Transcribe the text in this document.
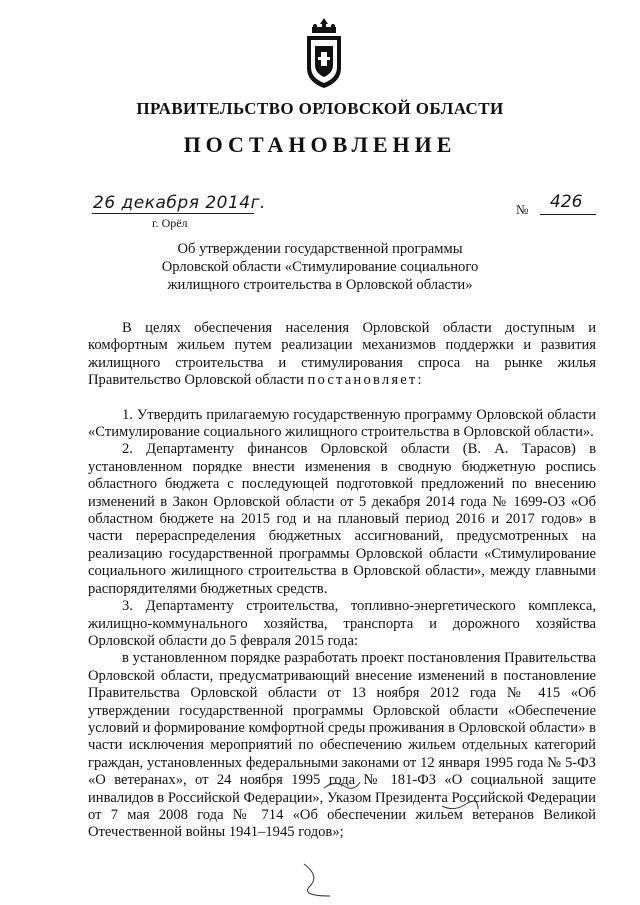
ПРАВИТЕЛЬСТВО ОРЛОВСКОЙ ОБЛАСТИ
ПОСТАНОВЛЕНИЕ
26 декабря 2014г.
г. Орёл
№ 426
Об утверждении государственной программы
Орловской области «Стимулирование социального
жилищного строительства в Орловской области»

В целях обеспечения населения Орловской области доступным и комфортным жильем путем реализации механизмов поддержки и развития жилищного строительства и стимулирования спроса на рынке жилья Правительство Орловской области постановляет:

1. Утвердить прилагаемую государственную программу Орловской области «Стимулирование социального жилищного строительства в Орловской области».

2. Департаменту финансов Орловской области (В. А. Тарасов) в установленном порядке внести изменения в сводную бюджетную роспись областного бюджета с последующей подготовкой предложений по внесению изменений в Закон Орловской области от 5 декабря 2014 года № 1699-ОЗ «Об областном бюджете на 2015 год и на плановый период 2016 и 2017 годов» в части перераспределения бюджетных ассигнований, предусмотренных на реализацию государственной программы Орловской области «Стимулирование социального жилищного строительства в Орловской области», между главными распорядителями бюджетных средств.

3. Департаменту строительства, топливно-энергетического комплекса, жилищно-коммунального хозяйства, транспорта и дорожного хозяйства Орловской области до 5 февраля 2015 года:

в установленном порядке разработать проект постановления Правительства Орловской области, предусматривающий внесение изменений в постановление Правительства Орловской области от 13 ноября 2012 года № 415 «Об утверждении государственной программы Орловской области «Обеспечение условий и формирование комфортной среды проживания в Орловской области» в части исключения мероприятий по обеспечению жильем отдельных категорий граждан, установленных федеральными законами от 12 января 1995 года № 5-ФЗ «О ветеранах», от 24 ноября 1995 года № 181-ФЗ «О социальной защите инвалидов в Российской Федерации», Указом Президента Российской Федерации от 7 мая 2008 года № 714 «Об обеспечении жильем ветеранов Великой Отечественной войны 1941–1945 годов»;
